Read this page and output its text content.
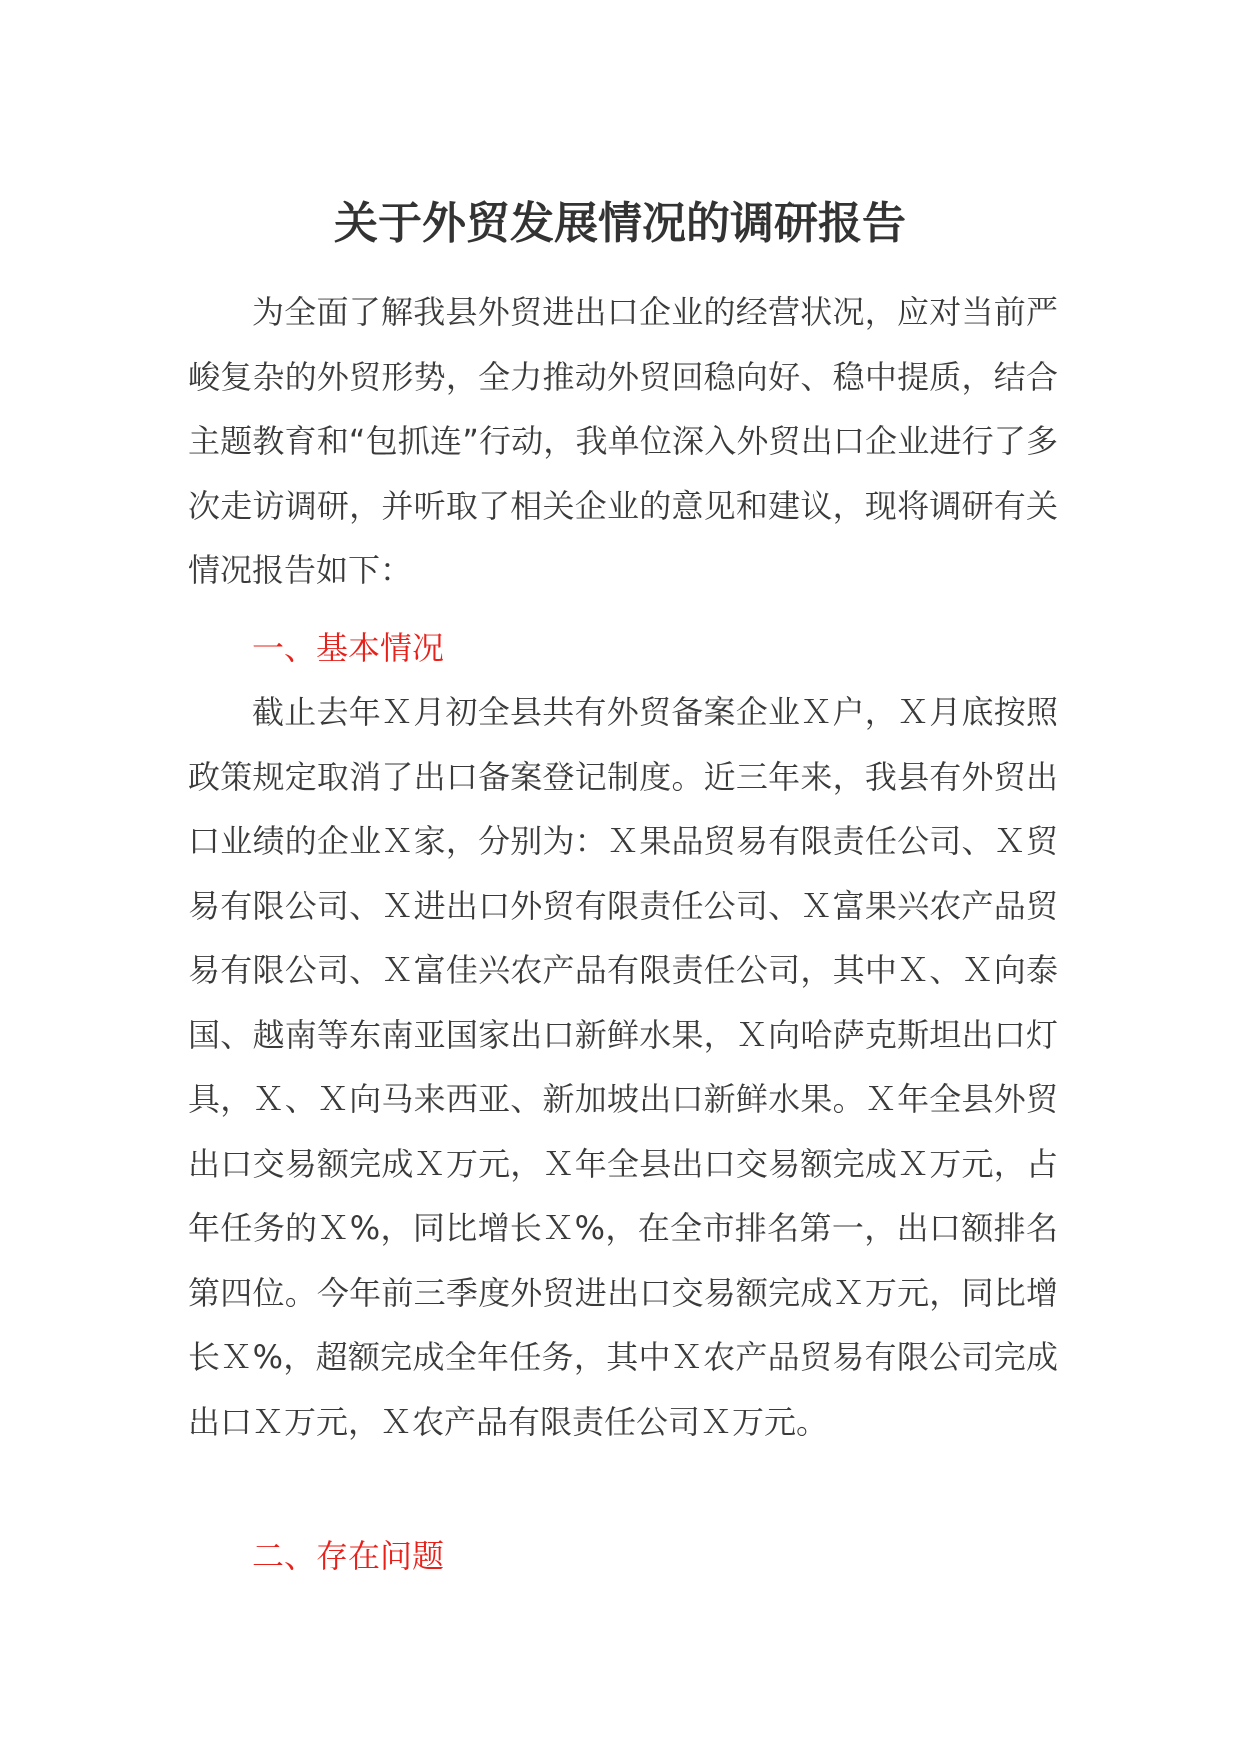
关于外贸发展情况的调研报告

为全面了解我县外贸进出口企业的经营状况，应对当前严峻复杂的外贸形势，全力推动外贸回稳向好、稳中提质，结合主题教育和“包抓连”行动，我单位深入外贸出口企业进行了多次走访调研，并听取了相关企业的意见和建议，现将调研有关情况报告如下：

一、基本情况

截止去年Ｘ月初全县共有外贸备案企业Ｘ户，Ｘ月底按照政策规定取消了出口备案登记制度。近三年来，我县有外贸出口业绩的企业Ｘ家，分别为：Ｘ果品贸易有限责任公司、Ｘ贸易有限公司、Ｘ进出口外贸有限责任公司、Ｘ富果兴农产品贸易有限公司、Ｘ富佳兴农产品有限责任公司，其中Ｘ、Ｘ向泰国、越南等东南亚国家出口新鲜水果，Ｘ向哈萨克斯坦出口灯具，Ｘ、Ｘ向马来西亚、新加坡出口新鲜水果。Ｘ年全县外贸出口交易额完成Ｘ万元，Ｘ年全县出口交易额完成Ｘ万元，占年任务的Ｘ%，同比增长Ｘ%，在全市排名第一，出口额排名第四位。今年前三季度外贸进出口交易额完成Ｘ万元，同比增长Ｘ%，超额完成全年任务，其中Ｘ农产品贸易有限公司完成出口Ｘ万元，Ｘ农产品有限责任公司Ｘ万元。

二、存在问题
